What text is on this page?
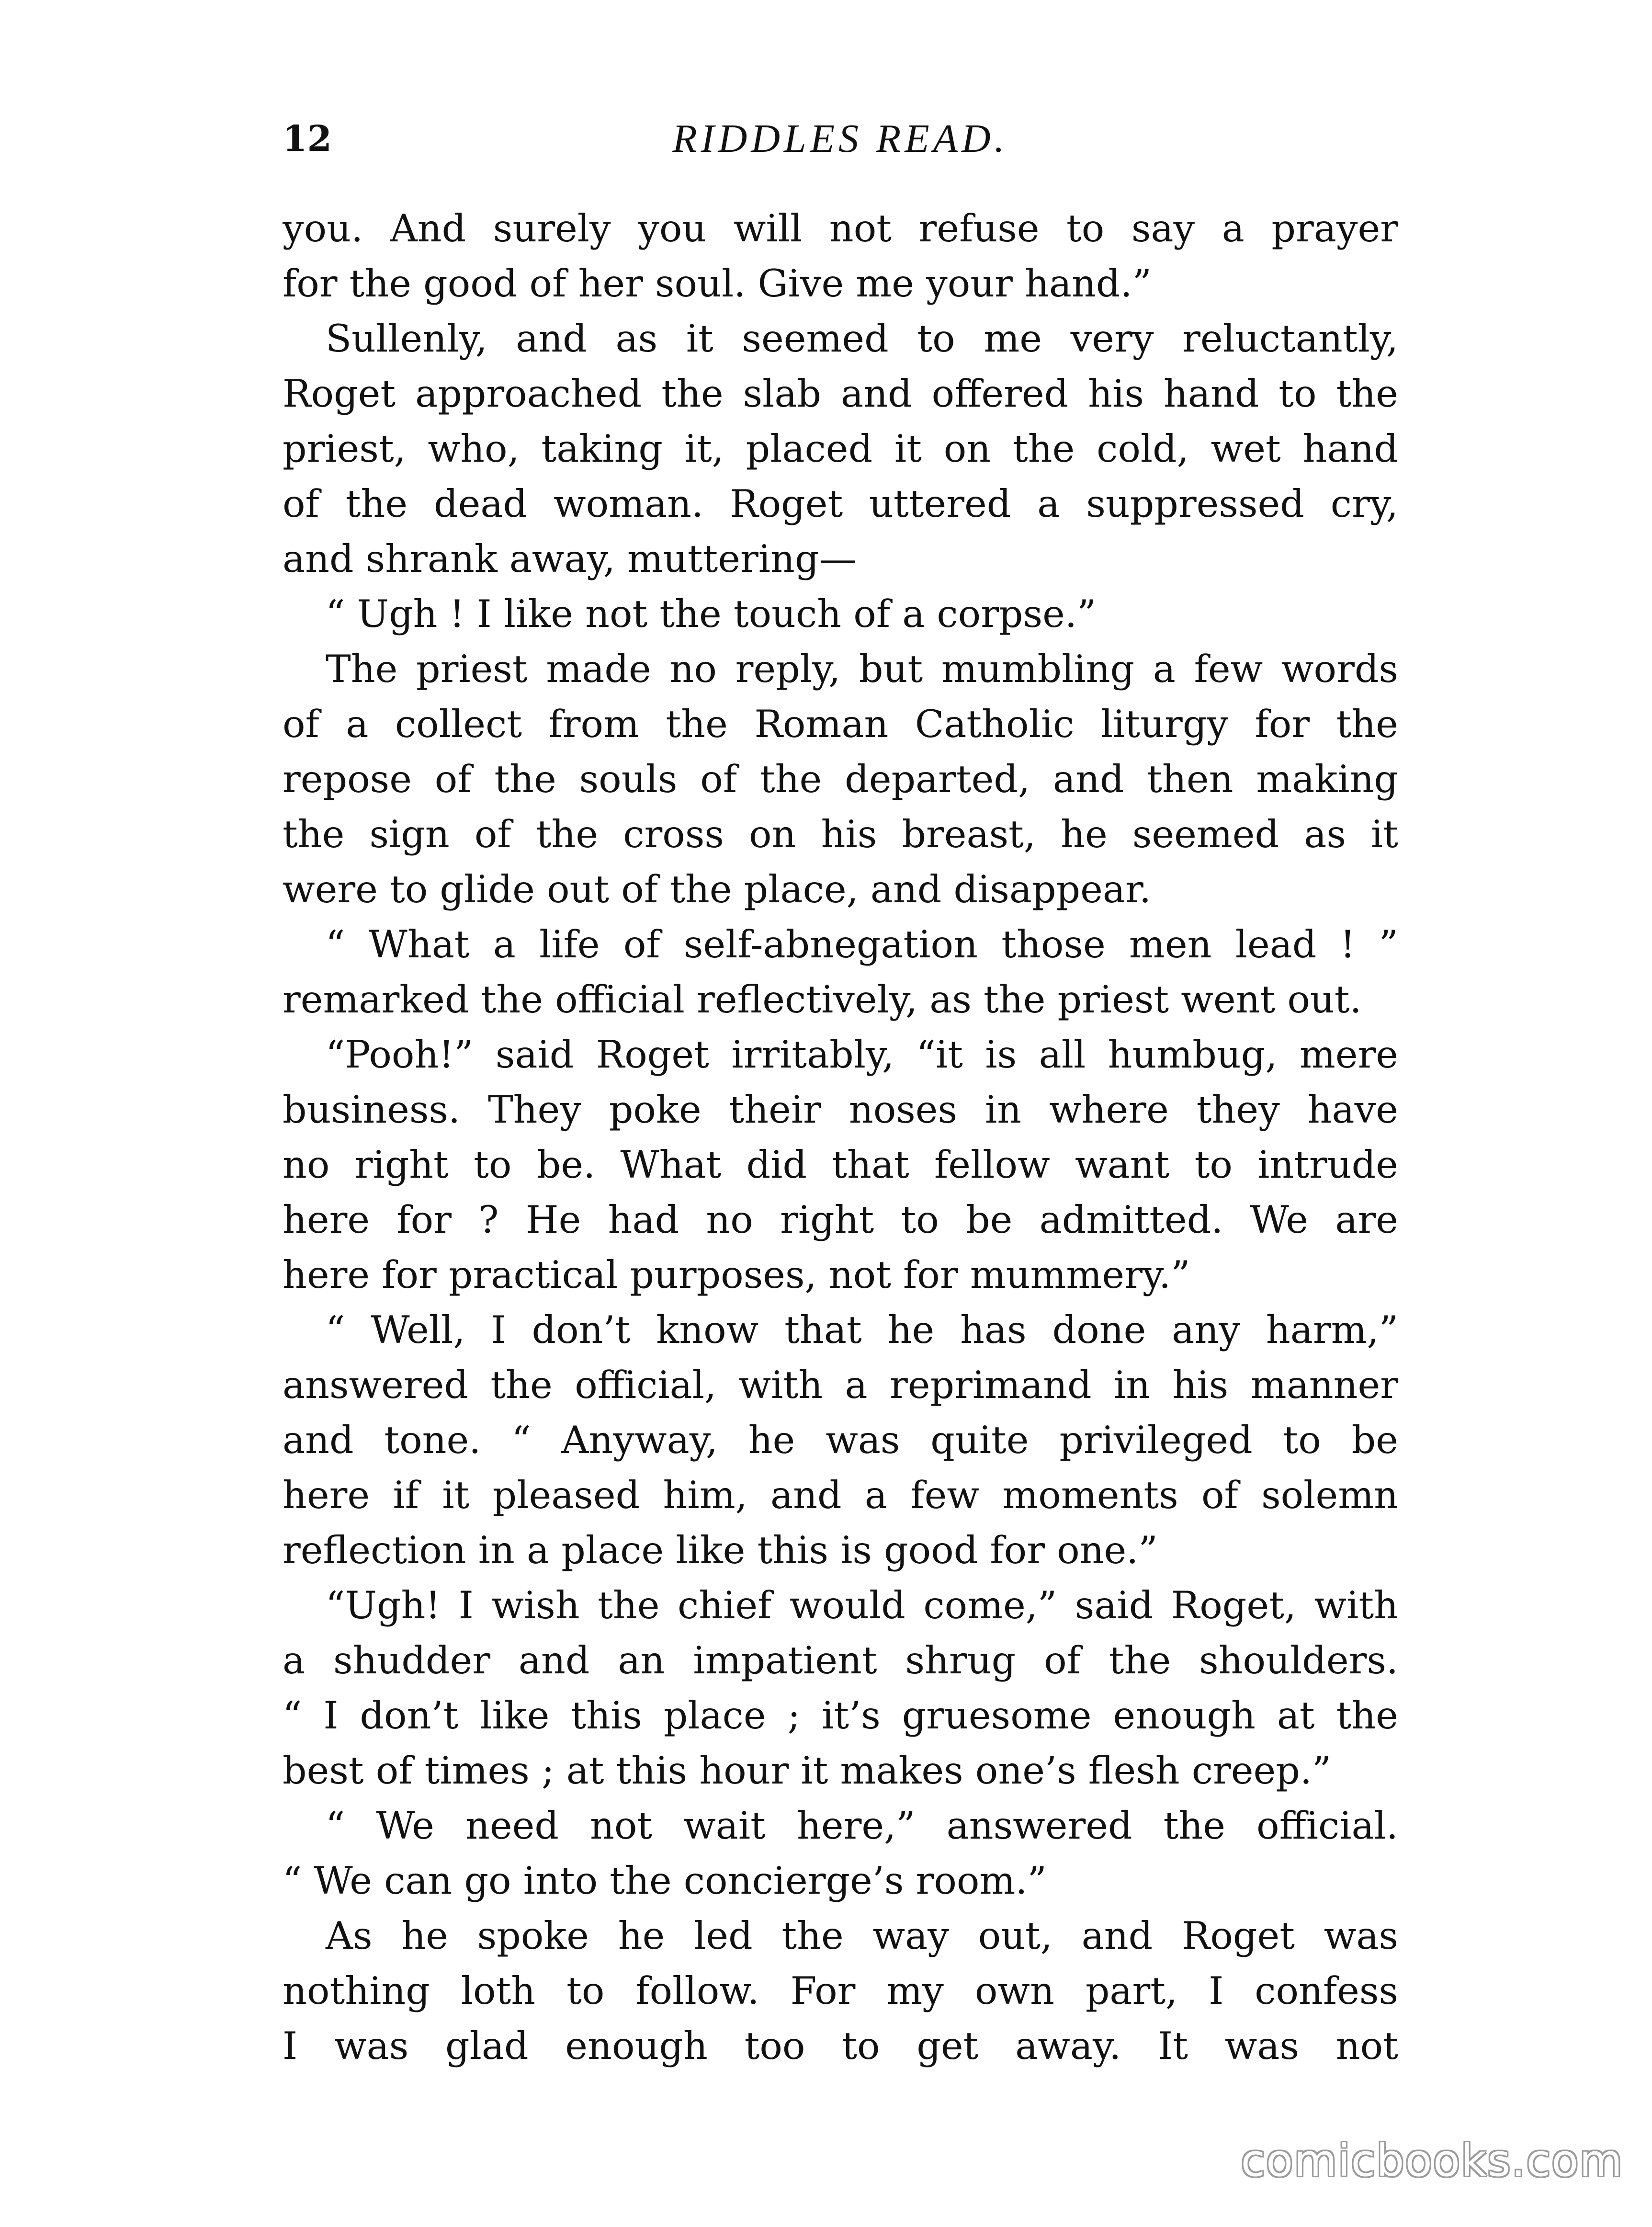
12	RIDDLES READ.
you. And surely you will not refuse to say a prayer
for the good of her soul. Give me your hand.”
Sullenly, and as it seemed to me very reluctantly,
Roget approached the slab and offered his hand to the
priest, who, taking it, placed it on the cold, wet hand
of the dead woman. Roget uttered a suppressed cry,
and shrank away, muttering—
“ Ugh ! I like not the touch of a corpse.”
The priest made no reply, but mumbling a few words
of a collect from the Roman Catholic liturgy for the
repose of the souls of the departed, and then making
the sign of the cross on his breast, he seemed as it
were to glide out of the place, and disappear.
“ What a life of self-abnegation those men lead ! ”
remarked the official reflectively, as the priest went out.
“Pooh!” said Roget irritably, “it is all humbug, mere
business. They poke their noses in where they have
no right to be. What did that fellow want to intrude
here for ? He had no right to be admitted. We are
here for practical purposes, not for mummery.”
“ Well, I don’t know that he has done any harm,”
answered the official, with a reprimand in his manner
and tone. “ Anyway, he was quite privileged to be
here if it pleased him, and a few moments of solemn
reflection in a place like this is good for one.”
“Ugh! I wish the chief would come,” said Roget, with
a shudder and an impatient shrug of the shoulders.
“ I don’t like this place ; it’s gruesome enough at the
best of times ; at this hour it makes one’s flesh creep.”
“ We need not wait here,” answered the official.
“ We can go into the concierge’s room.”
As he spoke he led the way out, and Roget was
nothing loth to follow. For my own part, I confess
I was glad enough too to get away. It was not
comicbooks.com
